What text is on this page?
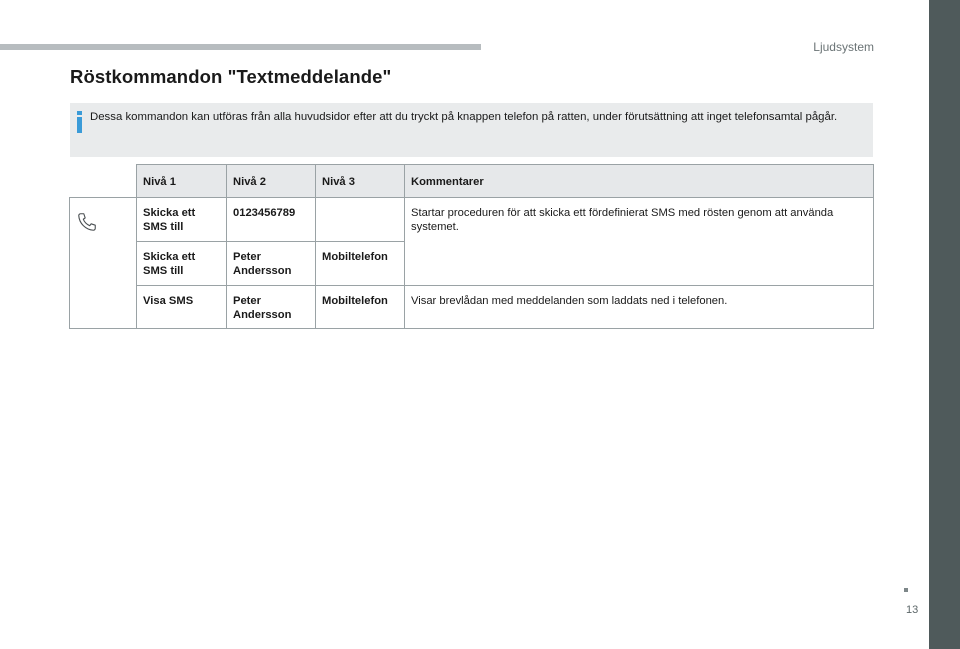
Ljudsystem
Röstkommandon "Textmeddelande"
Dessa kommandon kan utföras från alla huvudsidor efter att du tryckt på knappen telefon på ratten, under förutsättning att inget telefonsamtal pågår.
	Nivå 1	Nivå 2	Nivå 3	Kommentarer
	Skicka ett SMS till	0123456789		Startar proceduren för att skicka ett fördefinierat SMS med rösten genom att använda systemet.
	Skicka ett SMS till	Peter Andersson	Mobiltelefon	
	Visa SMS	Peter Andersson	Mobiltelefon	Visar brevlådan med meddelanden som laddats ned i telefonen.
13
